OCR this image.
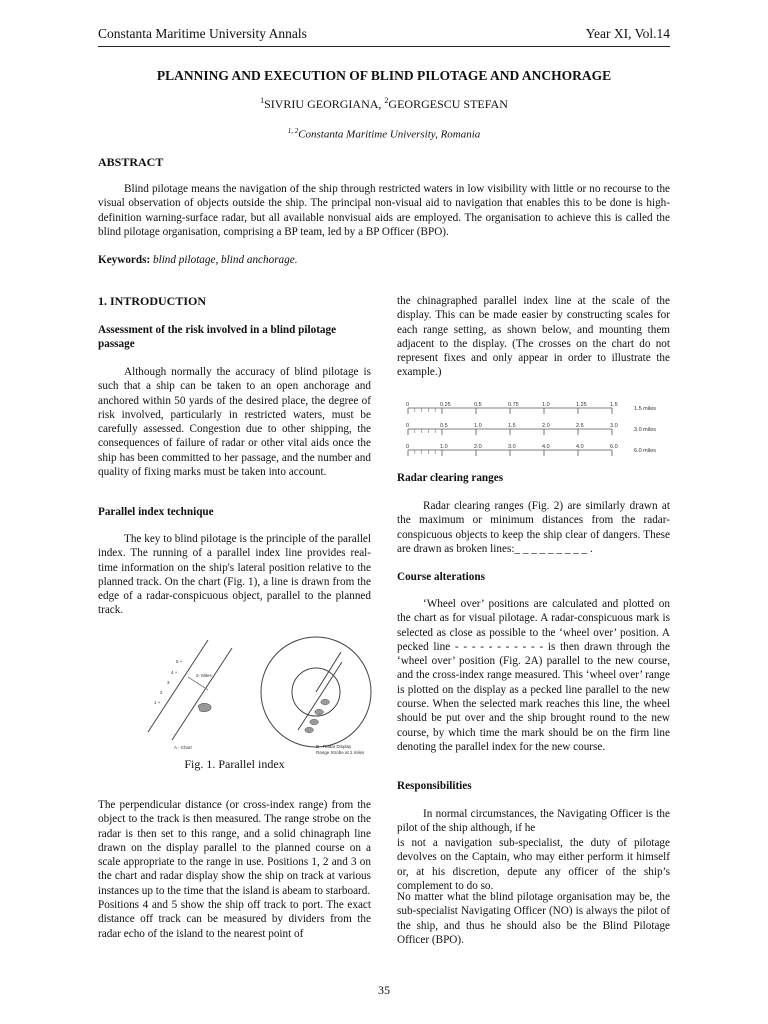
Constanta Maritime University Annals	Year XI, Vol.14
PLANNING AND EXECUTION OF BLIND PILOTAGE AND ANCHORAGE
$^1$SIVRIU GEORGIANA, $^2$GEORGESCU STEFAN
$^{1, 2}$Constanta Maritime University, Romania
ABSTRACT

Blind pilotage means the navigation of the ship through restricted waters in low visibility with little or no recourse to the visual observation of objects outside the ship. The principal non-visual aid to navigation that enables this to be done is high-definition warning-surface radar, but all available nonvisual aids are employed. The organisation to achieve this is called the blind pilotage organisation, comprising a BP team, led by a BP Officer (BPO).

Keywords: blind pilotage, blind anchorage.
1. INTRODUCTION
Assessment of the risk involved in a blind pilotage passage

Although normally the accuracy of blind pilotage is such that a ship can be taken to an open anchorage and anchored within 50 yards of the desired place, the degree of risk involved, particularly in restricted waters, must be carefully assessed. Congestion due to other shipping, the consequences of failure of radar or other vital aids once the ship has been committed to her passage, and the number and quality of fixing marks must be taken into account.

Parallel index technique

The key to blind pilotage is the principle of the parallel index. The running of a parallel index line provides real-time information on the ship's lateral position relative to the planned track. On the chart (Fig. 1), a line is drawn from the edge of a radar-conspicuous object, parallel to the planned track.

5 +
4 +
3
2
1 +
2- Miles
A - Chart	B - Radar Display
Range Strobe at 2 miles
Fig. 1. Parallel index

The perpendicular distance (or cross-index range) from the object to the track is then measured. The range strobe on the radar is then set to this range, and a solid chinagraph line drawn on the display parallel to the planned course on a scale appropriate to the range in use. Positions 1, 2 and 3 on the chart and radar display show the ship on track at various instances up to the time that the island is abeam to starboard.

Positions 4 and 5 show the ship off track to port. The exact distance off track can be measured by dividers from the radar echo of the island to the nearest point of

the chinagraphed parallel index line at the scale of the display. This can be made easier by constructing scales for each range setting, as shown below, and mounting them adjacent to the display. (The crosses on the chart do not represent fixes and only appear in order to illustrate the example.)

0	0.25	0.5	0.75	1.0	1.25	1.5
1.5 miles
0	0.5	1.0	1.5	2.0	2.5	3.0
3.0 miles
0	1.0	2.0	3.0	4.0	4.0	6.0
6.0 miles
Radar clearing ranges

Radar clearing ranges (Fig. 2) are similarly drawn at the maximum or minimum distances from the radar-conspicuous objects to keep the ship clear of dangers. These are drawn as broken lines:_ _ _ _ _ _ _ _ _ .

Course alterations

‘Wheel over’ positions are calculated and plotted on the chart as for visual pilotage. A radar-conspicuous mark is selected as close as possible to the ‘wheel over’ position. A pecked line - - - - - - - - - - - is then drawn through the ‘wheel over’ position (Fig. 2A) parallel to the new course, and the cross-index range measured. This ‘wheel over’ range is plotted on the display as a pecked line parallel to the new course. When the selected mark reaches this line, the wheel should be put over and the ship brought round to the new course, by which time the mark should be on the firm line denoting the parallel index for the new course.

Responsibilities

In normal circumstances, the Navigating Officer is the pilot of the ship although, if he

is not a navigation sub-specialist, the duty of pilotage devolves on the Captain, who may either perform it himself or, at his discretion, depute any officer of the ship’s complement to do so.

No matter what the blind pilotage organisation may be, the sub-specialist Navigating Officer (NO) is always the pilot of the ship, and thus he should also be the Blind Pilotage Officer (BPO).

35
